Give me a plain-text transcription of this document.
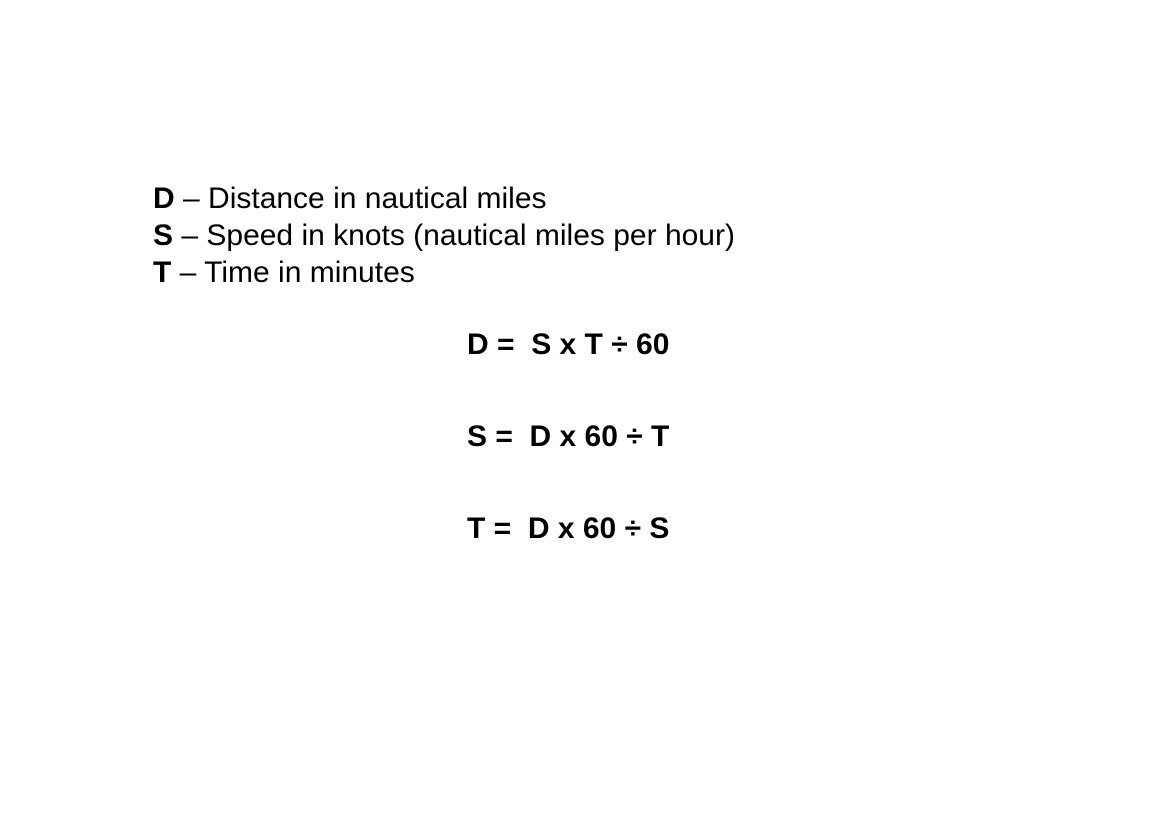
D – Distance in nautical miles
S – Speed in knots (nautical miles per hour)
T – Time in minutes
D =  S x T ÷ 60
S =  D x 60 ÷ T
T =  D x 60 ÷ S
